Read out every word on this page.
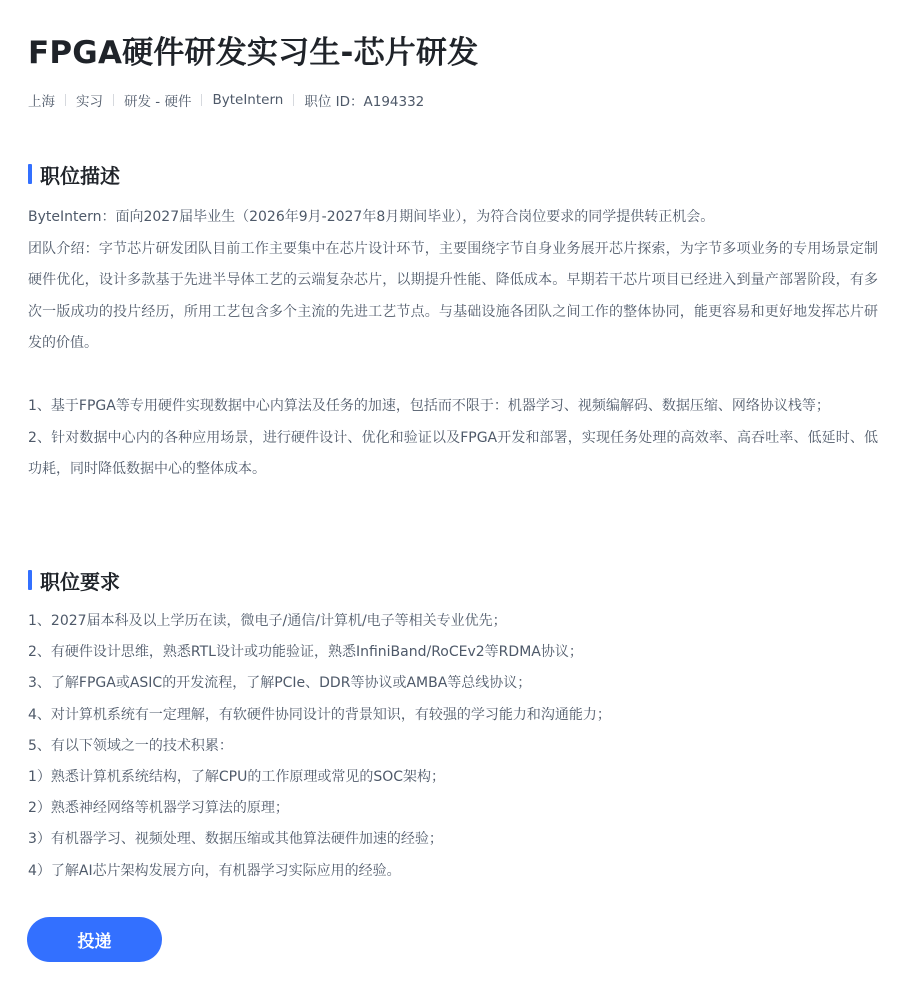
FPGA硬件研发实习生-芯片研发
上海 实习 研发 - 硬件 ByteIntern 职位 ID：A194332
职位描述

ByteIntern：面向2027届毕业生（2026年9月-2027年8月期间毕业），为符合岗位要求的同学提供转正机会。

团队介绍：字节芯片研发团队目前工作主要集中在芯片设计环节，主要围绕字节自身业务展开芯片探索，为字节多项业务的专用场景定制硬件优化，设计多款基于先进半导体工艺的云端复杂芯片，以期提升性能、降低成本。早期若干芯片项目已经进入到量产部署阶段，有多次一版成功的投片经历，所用工艺包含多个主流的先进工艺节点。与基础设施各团队之间工作的整体协同，能更容易和更好地发挥芯片研发的价值。

1、基于FPGA等专用硬件实现数据中心内算法及任务的加速，包括而不限于：机器学习、视频编解码、数据压缩、网络协议栈等；

2、针对数据中心内的各种应用场景，进行硬件设计、优化和验证以及FPGA开发和部署，实现任务处理的高效率、高吞吐率、低延时、低功耗，同时降低数据中心的整体成本。

职位要求

1、2027届本科及以上学历在读，微电子/通信/计算机/电子等相关专业优先；

2、有硬件设计思维，熟悉RTL设计或功能验证，熟悉InfiniBand/RoCEv2等RDMA协议；

3、了解FPGA或ASIC的开发流程，了解PCIe、DDR等协议或AMBA等总线协议；

4、对计算机系统有一定理解，有软硬件协同设计的背景知识，有较强的学习能力和沟通能力；

5、有以下领域之一的技术积累：

1）熟悉计算机系统结构，了解CPU的工作原理或常见的SOC架构；

2）熟悉神经网络等机器学习算法的原理；

3）有机器学习、视频处理、数据压缩或其他算法硬件加速的经验；

4）了解AI芯片架构发展方向，有机器学习实际应用的经验。

投递
